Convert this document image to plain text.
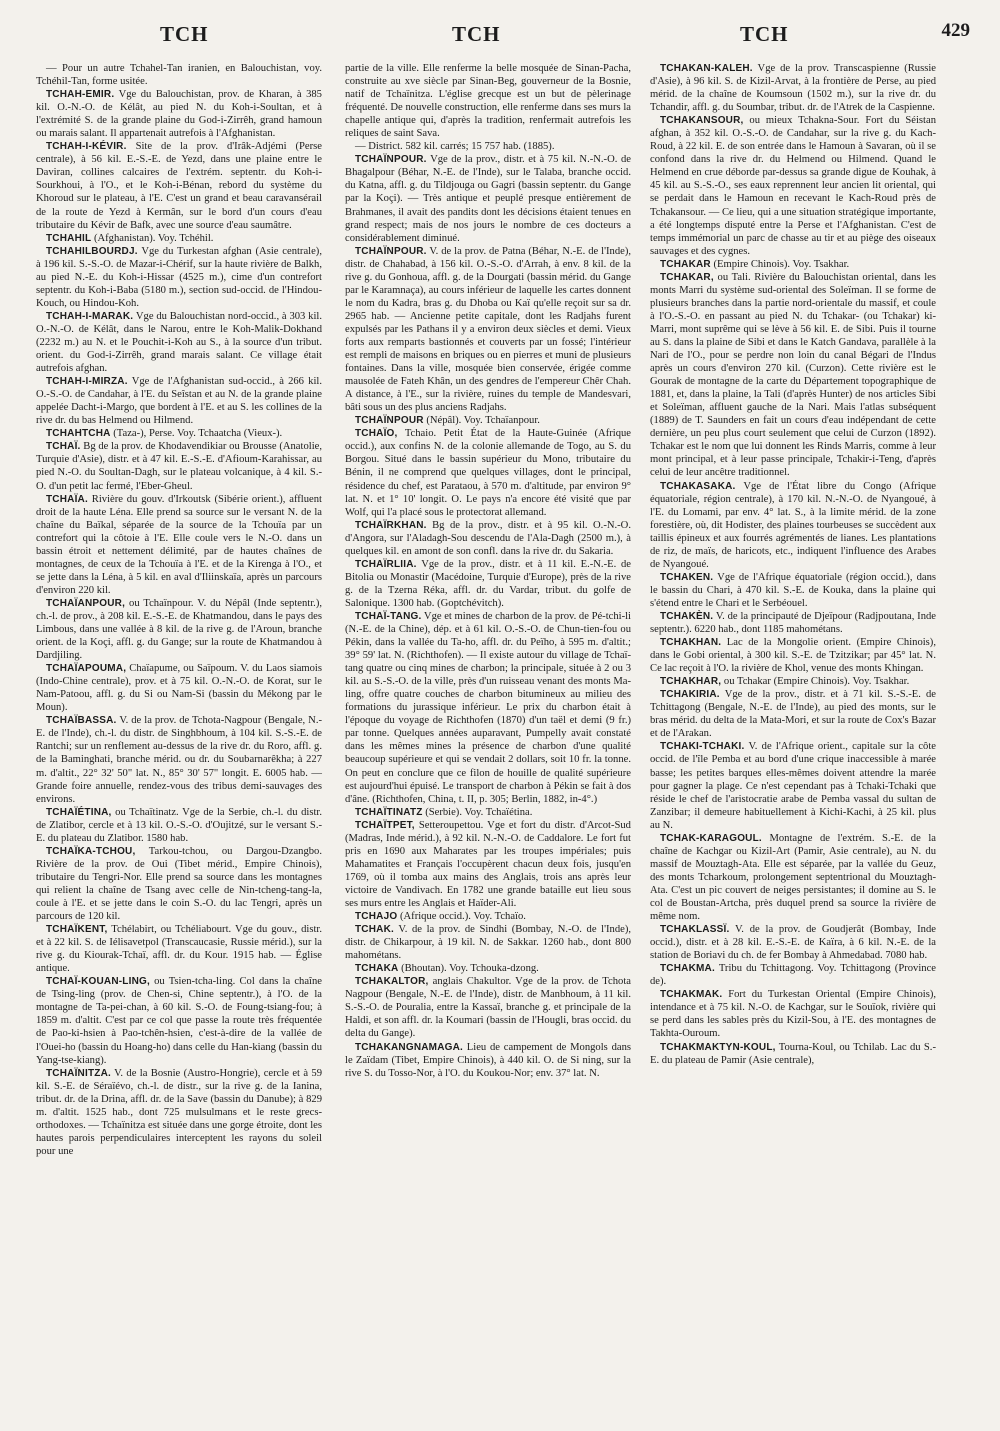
TCH	TCH	TCH	429

— Pour un autre Tchahel-Tan iranien, en Balouchistan, voy. Tchéhil-Tan, forme usitée.

TCHAH-EMIR. Vge du Balouchistan, prov. de Kharan, à 385 kil. O.-N.-O. de Kélât, au pied N. du Koh-i-Soultan, et à l'extrémité S. de la grande plaine du God-i-Zirrêh, grand hamoun ou marais salant. Il appartenait autrefois à l'Afghanistan.

TCHAH-I-KÉVIR. Site de la prov. d'Irâk-Adjémi (Perse centrale), à 56 kil. E.-S.-E. de Yezd, dans une plaine entre le Daviran, collines calcaires de l'extrém. septentr. du Koh-i-Sourkhoui, à l'O., et le Koh-i-Bénan, rebord du système du Khoroud sur le plateau, à l'E. C'est un grand et beau caravansérail de la route de Yezd à Kermân, sur le bord d'un cours d'eau tributaire du Kévir de Bafk, avec une source d'eau saumâtre.

TCHAHIL (Afghanistan). Voy. Tchéhil.

TCHAHILBOURDJ. Vge du Turkestan afghan (Asie centrale), à 196 kil. S.-S.-O. de Mazar-i-Chérif, sur la haute rivière de Balkh, au pied N.-E. du Koh-i-Hissar (4525 m.), cime d'un contrefort septentr. du Koh-i-Baba (5180 m.), section sud-occid. de l'Hindou-Kouch, ou Hindou-Koh.

TCHAH-I-MARAK. Vge du Balouchistan nord-occid., à 303 kil. O.-N.-O. de Kélât, dans le Narou, entre le Koh-Malik-Dokhand (2232 m.) au N. et le Pouchit-i-Koh au S., à la source d'un tribut. orient. du God-i-Zirrêh, grand marais salant. Ce village était autrefois afghan.

TCHAH-I-MIRZA. Vge de l'Afghanistan sud-occid., à 266 kil. O.-S.-O. de Candahar, à l'E. du Seîstan et au N. de la grande plaine appelée Dacht-i-Margo, que bordent à l'E. et au S. les collines de la rive dr. du bas Helmend ou Hilmend.

TCHAHTCHA (Taza-), Perse. Voy. Tchaatcha (Vieux-).

TCHAÏ. Bg de la prov. de Khodavendikiar ou Brousse (Anatolie, Turquie d'Asie), distr. et à 47 kil. E.-S.-E. d'Afioum-Karahissar, au pied N.-O. du Soultan-Dagh, sur le plateau volcanique, à 4 kil. S.-O. d'un petit lac fermé, l'Eber-Gheul.

TCHAÏA. Rivière du gouv. d'Irkoutsk (Sibérie orient.), affluent droit de la haute Léna. Elle prend sa source sur le versant N. de la chaîne du Baïkal, séparée de la source de la Tchouïa par un contrefort qui la côtoie à l'E. Elle coule vers le N.-O. dans un bassin étroit et nettement délimité, par de hautes chaînes de montagnes, de ceux de la Tchouïa à l'E. et de la Kirenga à l'O., et se jette dans la Léna, à 5 kil. en aval d'Iliinskaïa, après un parcours d'environ 220 kil.

TCHAÏANPOUR, ou Tchaïnpour. V. du Népâl (Inde septentr.), ch.-l. de prov., à 208 kil. E.-S.-E. de Khatmandou, dans le pays des Limbous, dans une vallée à 8 kil. de la rive g. de l'Aroun, branche orient. de la Koçi, affl. g. du Gange; sur la route de Khatmandou à Dardjiling.

TCHAÏAPOUMA, Chaïapume, ou Saïpoum. V. du Laos siamois (Indo-Chine centrale), prov. et à 75 kil. O.-N.-O. de Korat, sur le Nam-Patoou, affl. g. du Si ou Nam-Si (bassin du Mékong par le Moun).

TCHAÏBASSA. V. de la prov. de Tchota-Nagpour (Bengale, N.-E. de l'Inde), ch.-l. du distr. de Singhbhoum, à 104 kil. S.-S.-E. de Rantchi; sur un renflement au-dessus de la rive dr. du Roro, affl. g. de la Baminghati, branche mérid. ou dr. du Soubarnarêkha; à 227 m. d'altit., 22° 32' 50" lat. N., 85° 30' 57" longit. E. 6005 hab. — Grande foire annuelle, rendez-vous des tribus demi-sauvages des environs.

TCHAÏÉTINA, ou Tchaïtinatz. Vge de la Serbie, ch.-l. du distr. de Zlatibor, cercle et à 13 kil. O.-S.-O. d'Oujitzé, sur le versant S.-E. du plateau du Zlatibor. 1580 hab.

TCHAÏKA-TCHOU, Tarkou-tchou, ou Dargou-Dzangbo. Rivière de la prov. de Oui (Tibet mérid., Empire Chinois), tributaire du Tengri-Nor. Elle prend sa source dans les montagnes qui relient la chaîne de Tsang avec celle de Nin-tcheng-tang-la, coule à l'E. et se jette dans le coin S.-O. du lac Tengri, après un parcours de 120 kil.

TCHAÏKENT, Tchélabirt, ou Tchéliabourt. Vge du gouv., distr. et à 22 kil. S. de Iélisavetpol (Transcaucasie, Russie mérid.), sur la rive g. du Kiourak-Tchaï, affl. dr. du Kour. 1915 hab. — Église antique.

TCHAÏ-KOUAN-LING, ou Tsien-tcha-ling. Col dans la chaîne de Tsing-ling (prov. de Chen-si, Chine septentr.), à l'O. de la montagne de Ta-pei-chan, à 60 kil. S.-O. de Foung-tsiang-fou; à 1859 m. d'altit. C'est par ce col que passe la route très fréquentée de Pao-ki-hsien à Pao-tchên-hsien, c'est-à-dire de la vallée de l'Ouei-ho (bassin du Hoang-ho) dans celle du Han-kiang (bassin du Yang-tse-kiang).

TCHAÏNITZA. V. de la Bosnie (Austro-Hongrie), cercle et à 59 kil. S.-E. de Séraïévo, ch.-l. de distr., sur la rive g. de la Ianina, tribut. dr. de la Drina, affl. dr. de la Save (bassin du Danube); à 829 m. d'altit. 1525 hab., dont 725 mulsulmans et le reste grecs-orthodoxes. — Tchaïnitza est située dans une gorge étroite, dont les hautes parois perpendiculaires interceptent les rayons du soleil pour une

partie de la ville. Elle renferme la belle mosquée de Sinan-Pacha, construite au xve siècle par Sinan-Beg, gouverneur de la Bosnie, natif de Tchaïnitza. L'église grecque est un but de pèlerinage fréquenté. De nouvelle construction, elle renferme dans ses murs la chapelle antique qui, d'après la tradition, renfermait autrefois les reliques de saint Sava.

— District. 582 kil. carrés; 15 757 hab. (1885).

TCHAÏNPOUR. Vge de la prov., distr. et à 75 kil. N.-N.-O. de Bhagalpour (Béhar, N.-E. de l'Inde), sur le Talaba, branche occid. du Katna, affl. g. du Tildjouga ou Gagri (bassin septentr. du Gange par la Koçi). — Très antique et peuplé presque entièrement de Brahmanes, il avait des pandits dont les décisions étaient tenues en grand respect; mais de nos jours le nombre de ces docteurs a considérablement diminué.

TCHAÏNPOUR. V. de la prov. de Patna (Béhar, N.-E. de l'Inde), distr. de Chahabad, à 156 kil. O.-S.-O. d'Arrah, à env. 8 kil. de la rive g. du Gonhoua, affl. g. de la Dourgati (bassin mérid. du Gange par le Karamnaça), au cours inférieur de laquelle les cartes donnent le nom du Kadra, bras g. du Dhoba ou Kaï qu'elle reçoit sur sa dr. 2965 hab. — Ancienne petite capitale, dont les Radjahs furent expulsés par les Pathans il y a environ deux siècles et demi. Vieux forts aux remparts bastionnés et couverts par un fossé; l'intérieur est rempli de maisons en briques ou en pierres et muni de plusieurs fontaines. Dans la ville, mosquée bien conservée, érigée comme mausolée de Fateh Khân, un des gendres de l'empereur Chêr Chah. A distance, à l'E., sur la rivière, ruines du temple de Mandesvari, bâti sous un des plus anciens Radjahs.

TCHAÏNPOUR (Népâl). Voy. Tchaïanpour.

TCHAÏO, Tchaio. Petit État de la Haute-Guinée (Afrique occid.), aux confins N. de la colonie allemande de Togo, au S. du Borgou. Situé dans le bassin supérieur du Mono, tributaire du Bénin, il ne comprend que quelques villages, dont le principal, résidence du chef, est Parataou, à 570 m. d'altitude, par environ 9° lat. N. et 1° 10' longit. O. Le pays n'a encore été visité que par Wolf, qui l'a placé sous le protectorat allemand.

TCHAÏRKHAN. Bg de la prov., distr. et à 95 kil. O.-N.-O. d'Angora, sur l'Aladagh-Sou descendu de l'Ala-Dagh (2500 m.), à quelques kil. en amont de son confl. dans la rive dr. du Sakaria.

TCHAÏRLIIA. Vge de la prov., distr. et à 11 kil. E.-N.-E. de Bitolia ou Monastir (Macédoine, Turquie d'Europe), près de la rive g. de la Tzerna Réka, affl. dr. du Vardar, tribut. du golfe de Salonique. 1300 hab. (Goptchévitch).

TCHAÏ-TANG. Vge et mines de charbon de la prov. de Pé-tchi-li (N.-E. de la Chine), dép. et à 61 kil. O.-S.-O. de Chun-tien-fou ou Pékin, dans la vallée du Ta-ho, affl. dr. du Peïho, à 595 m. d'altit.; 39° 59' lat. N. (Richthofen). — Il existe autour du village de Tchaï-tang quatre ou cinq mines de charbon; la principale, située à 2 ou 3 kil. au S.-S.-O. de la ville, près d'un ruisseau venant des monts Ma-ling, offre quatre couches de charbon bitumineux au milieu des formations du jurassique inférieur. Le prix du charbon était à l'époque du voyage de Richthofen (1870) d'un taël et demi (9 fr.) par tonne. Quelques années auparavant, Pumpelly avait constaté dans les mêmes mines la présence de charbon d'une qualité beaucoup supérieure et qui se vendait 2 dollars, soit 10 fr. la tonne. On peut en conclure que ce filon de houille de qualité supérieure est aujourd'hui épuisé. Le transport de charbon à Pékin se fait à dos d'âne. (Richthofen, China, t. II, p. 305; Berlin, 1882, in-4°.)

TCHAÏTINATZ (Serbie). Voy. Tchaïétina.

TCHAÏTPET, Setteroupettou. Vge et fort du distr. d'Arcot-Sud (Madras, Inde mérid.), à 92 kil. N.-N.-O. de Caddalore. Le fort fut pris en 1690 aux Maharates par les troupes impériales; puis Mahamatites et Français l'occupèrent chacun deux fois, jusqu'en 1769, où il tomba aux mains des Anglais, trois ans après leur victoire de Vandivach. En 1782 une grande bataille eut lieu sous ses murs entre les Anglais et Haïder-Ali.

TCHAJO (Afrique occid.). Voy. Tchaïo.

TCHAK. V. de la prov. de Sindhi (Bombay, N.-O. de l'Inde), distr. de Chikarpour, à 19 kil. N. de Sakkar. 1260 hab., dont 800 mahométans.

TCHAKA (Bhoutan). Voy. Tchouka-dzong.

TCHAKALTOR, anglais Chakultor. Vge de la prov. de Tchota Nagpour (Bengale, N.-E. de l'Inde), distr. de Manbhoum, à 11 kil. S.-S.-O. de Pouralia, entre la Kassaï, branche g. et principale de la Haldi, et son affl. dr. la Koumari (bassin de l'Hougli, bras occid. du delta du Gange).

TCHAKANGNAMAGA. Lieu de campement de Mongols dans le Zaïdam (Tibet, Empire Chinois), à 440 kil. O. de Si ning, sur la rive S. du Tosso-Nor, à l'O. du Koukou-Nor; env. 37° lat. N.

TCHAKAN-KALEH. Vge de la prov. Transcaspienne (Russie d'Asie), à 96 kil. S. de Kizil-Arvat, à la frontière de Perse, au pied mérid. de la chaîne de Koumsoun (1502 m.), sur la rive dr. du Tchandir, affl. g. du Soumbar, tribut. dr. de l'Atrek de la Caspienne.

TCHAKANSOUR, ou mieux Tchakna-Sour. Fort du Séistan afghan, à 352 kil. O.-S.-O. de Candahar, sur la rive g. du Kach-Roud, à 22 kil. E. de son entrée dans le Hamoun à Savaran, où il se confond dans la rive dr. du Helmend ou Hilmend. Quand le Helmend en crue déborde par-dessus sa grande digue de Kouhak, à 45 kil. au S.-S.-O., ses eaux reprennent leur ancien lit oriental, qui se perdait dans le Hamoun en recevant le Kach-Roud près de Tchakansour. — Ce lieu, qui a une situation stratégique importante, a été longtemps disputé entre la Perse et l'Afghanistan. C'est de temps immémorial un parc de chasse au tir et au piège des oiseaux sauvages et des cygnes.

TCHAKAR (Empire Chinois). Voy. Tsakhar.

TCHAKAR, ou Tali. Rivière du Balouchistan oriental, dans les monts Marri du système sud-oriental des Soleïman. Il se forme de plusieurs branches dans la partie nord-orientale du massif, et coule à l'O.-S.-O. en passant au pied N. du Tchakar- (ou Tchakar) ki-Marri, mont suprême qui se lève à 56 kil. E. de Sibi. Puis il tourne au S. dans la plaine de Sibi et dans le Katch Gandava, parallèle à la Nari de l'O., pour se perdre non loin du canal Bégari de l'Indus après un cours d'environ 270 kil. (Curzon). Cette rivière est le Gourak de montagne de la carte du Département topographique de 1881, et, dans la plaine, la Tali (d'après Hunter) de nos articles Sibi et Soleïman, affluent gauche de la Nari. Mais l'atlas subséquent (1889) de T. Saunders en fait un cours d'eau indépendant de cette dernière, un peu plus court seulement que celui de Curzon (1892). Tchakar est le nom que lui donnent les Rinds Marris, comme à leur mont principal, et à leur passe principale, Tchakir-i-Teng, d'après celui de leur ancêtre traditionnel.

TCHAKASAKA. Vge de l'État libre du Congo (Afrique équatoriale, région centrale), à 170 kil. N.-N.-O. de Nyangoué, à l'E. du Lomami, par env. 4° lat. S., à la limite mérid. de la zone forestière, où, dit Hodister, des plaines tourbeuses se succèdent aux taillis épineux et aux fourrés agrémentés de lianes. Les plantations de riz, de maïs, de haricots, etc., indiquent l'influence des Arabes de Nyangoué.

TCHAKEN. Vge de l'Afrique équatoriale (région occid.), dans le bassin du Chari, à 470 kil. S.-E. de Kouka, dans la plaine qui s'étend entre le Chari et le Serbéouel.

TCHAKÈN. V. de la principauté de Djeïpour (Radjpoutana, Inde septentr.). 6220 hab., dont 1185 mahométans.

TCHAKHAN. Lac de la Mongolie orient. (Empire Chinois), dans le Gobi oriental, à 300 kil. S.-E. de Tzitzikar; par 45° lat. N. Ce lac reçoit à l'O. la rivière de Khol, venue des monts Khingan.

TCHAKHAR, ou Tchakar (Empire Chinois). Voy. Tsakhar.

TCHAKIRIA. Vge de la prov., distr. et à 71 kil. S.-S.-E. de Tchittagong (Bengale, N.-E. de l'Inde), au pied des monts, sur le bras mérid. du delta de la Mata-Mori, et sur la route de Cox's Bazar et de l'Arakan.

TCHAKI-TCHAKI. V. de l'Afrique orient., capitale sur la côte occid. de l'île Pemba et au bord d'une crique inaccessible à marée basse; les petites barques elles-mêmes doivent attendre la marée pour gagner la plage. Ce n'est cependant pas à Tchaki-Tchaki que réside le chef de l'aristocratie arabe de Pemba vassal du sultan de Zanzibar; il demeure habituellement à Kichi-Kachi, à 25 kil. plus au N.

TCHAK-KARAGOUL. Montagne de l'extrém. S.-E. de la chaîne de Kachgar ou Kizil-Art (Pamir, Asie centrale), au N. du massif de Mouztagh-Ata. Elle est séparée, par la vallée du Geuz, des monts Tcharkoum, prolongement septentrional du Mouztagh-Ata. C'est un pic couvert de neiges persistantes; il domine au S. le col de Boustan-Artcha, près duquel prend sa source la rivière de même nom.

TCHAKLASSÏ. V. de la prov. de Goudjerât (Bombay, Inde occid.), distr. et à 28 kil. E.-S.-E. de Kaïra, à 6 kil. N.-E. de la station de Boriavi du ch. de fer Bombay à Ahmedabad. 7080 hab.

TCHAKMA. Tribu du Tchittagong. Voy. Tchittagong (Province de).

TCHAKMAK. Fort du Turkestan Oriental (Empire Chinois), intendance et à 75 kil. N.-O. de Kachgar, sur le Souïok, rivière qui se perd dans les sables près du Kizil-Sou, à l'E. des montagnes de Takhta-Ouroum.

TCHAKMAKTYN-KOUL, Tourna-Koul, ou Tchilab. Lac du S.-E. du plateau de Pamir (Asie centrale),
